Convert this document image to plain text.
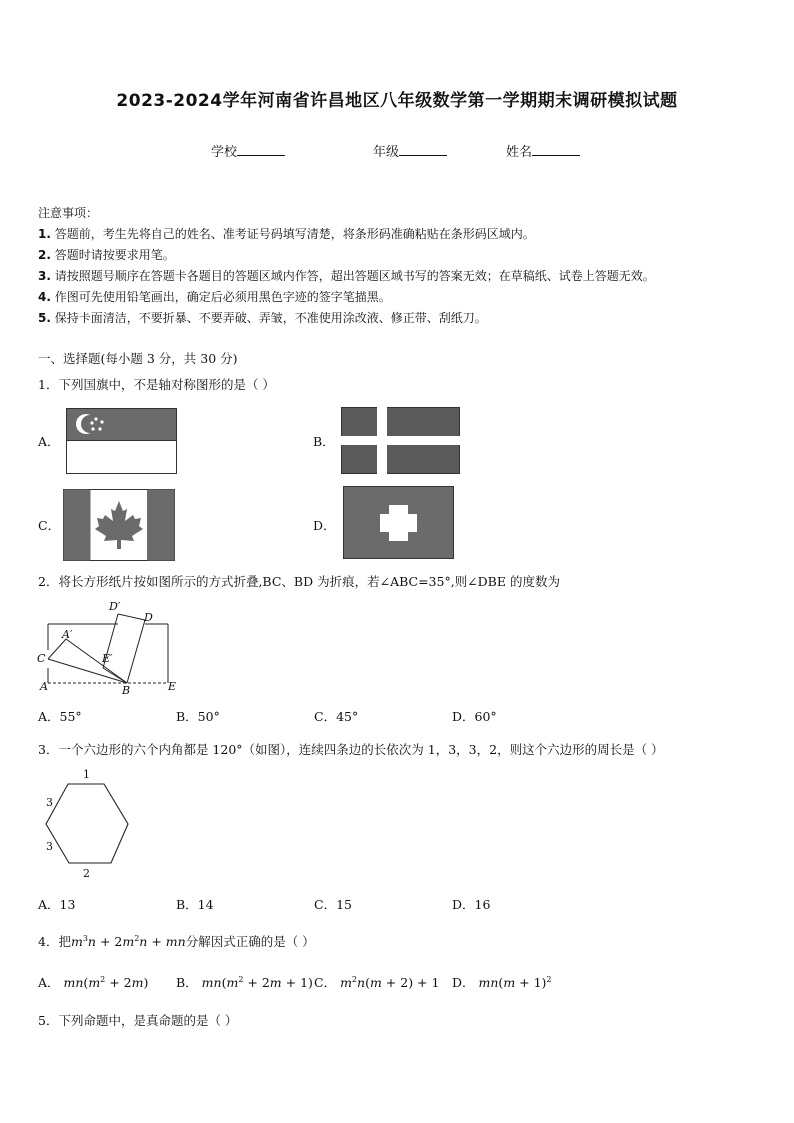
2023-2024学年河南省许昌地区八年级数学第一学期期末调研模拟试题
学校	年级	姓名
注意事项：
1. 答题前，考生先将自己的姓名、准考证号码填写清楚，将条形码准确粘贴在条形码区域内。
2. 答题时请按要求用笔。
3. 请按照题号顺序在答题卡各题目的答题区域内作答，超出答题区域书写的答案无效；在草稿纸、试卷上答题无效。
4. 作图可先使用铅笔画出，确定后必须用黑色字迹的签字笔描黑。
5. 保持卡面清洁，不要折暴、不要弄破、弄皱，不准使用涂改液、修正带、刮纸刀。
一、选择题(每小题 3 分，共 30 分)
1．下列国旗中，不是轴对称图形的是（ ）
A．	B．
C．	D．
2．将长方形纸片按如图所示的方式折叠,BC、BD 为折痕，若∠ABC=35°,则∠DBE 的度数为
D′
D
A′
C	E′
A	B	E
A．55°	B．50°	C．45°	D．60°
3．一个六边形的六个内角都是 120°（如图），连续四条边的长依次为 1，3，3，2，则这个六边形的周长是（ ）
1
3
3
2
A．13	B．14	C．15	D．16
4．把$m^3n + 2m^2n$ + mn分解因式正确的是（ ）
A． $mn(m^2 + 2m)$ B． $mn(m^2 + 2m + 1)$ C． $m^2n(m + 2) + 1$ D． $mn(m + 1)^2$
5．下列命题中，是真命题的是（ ）
